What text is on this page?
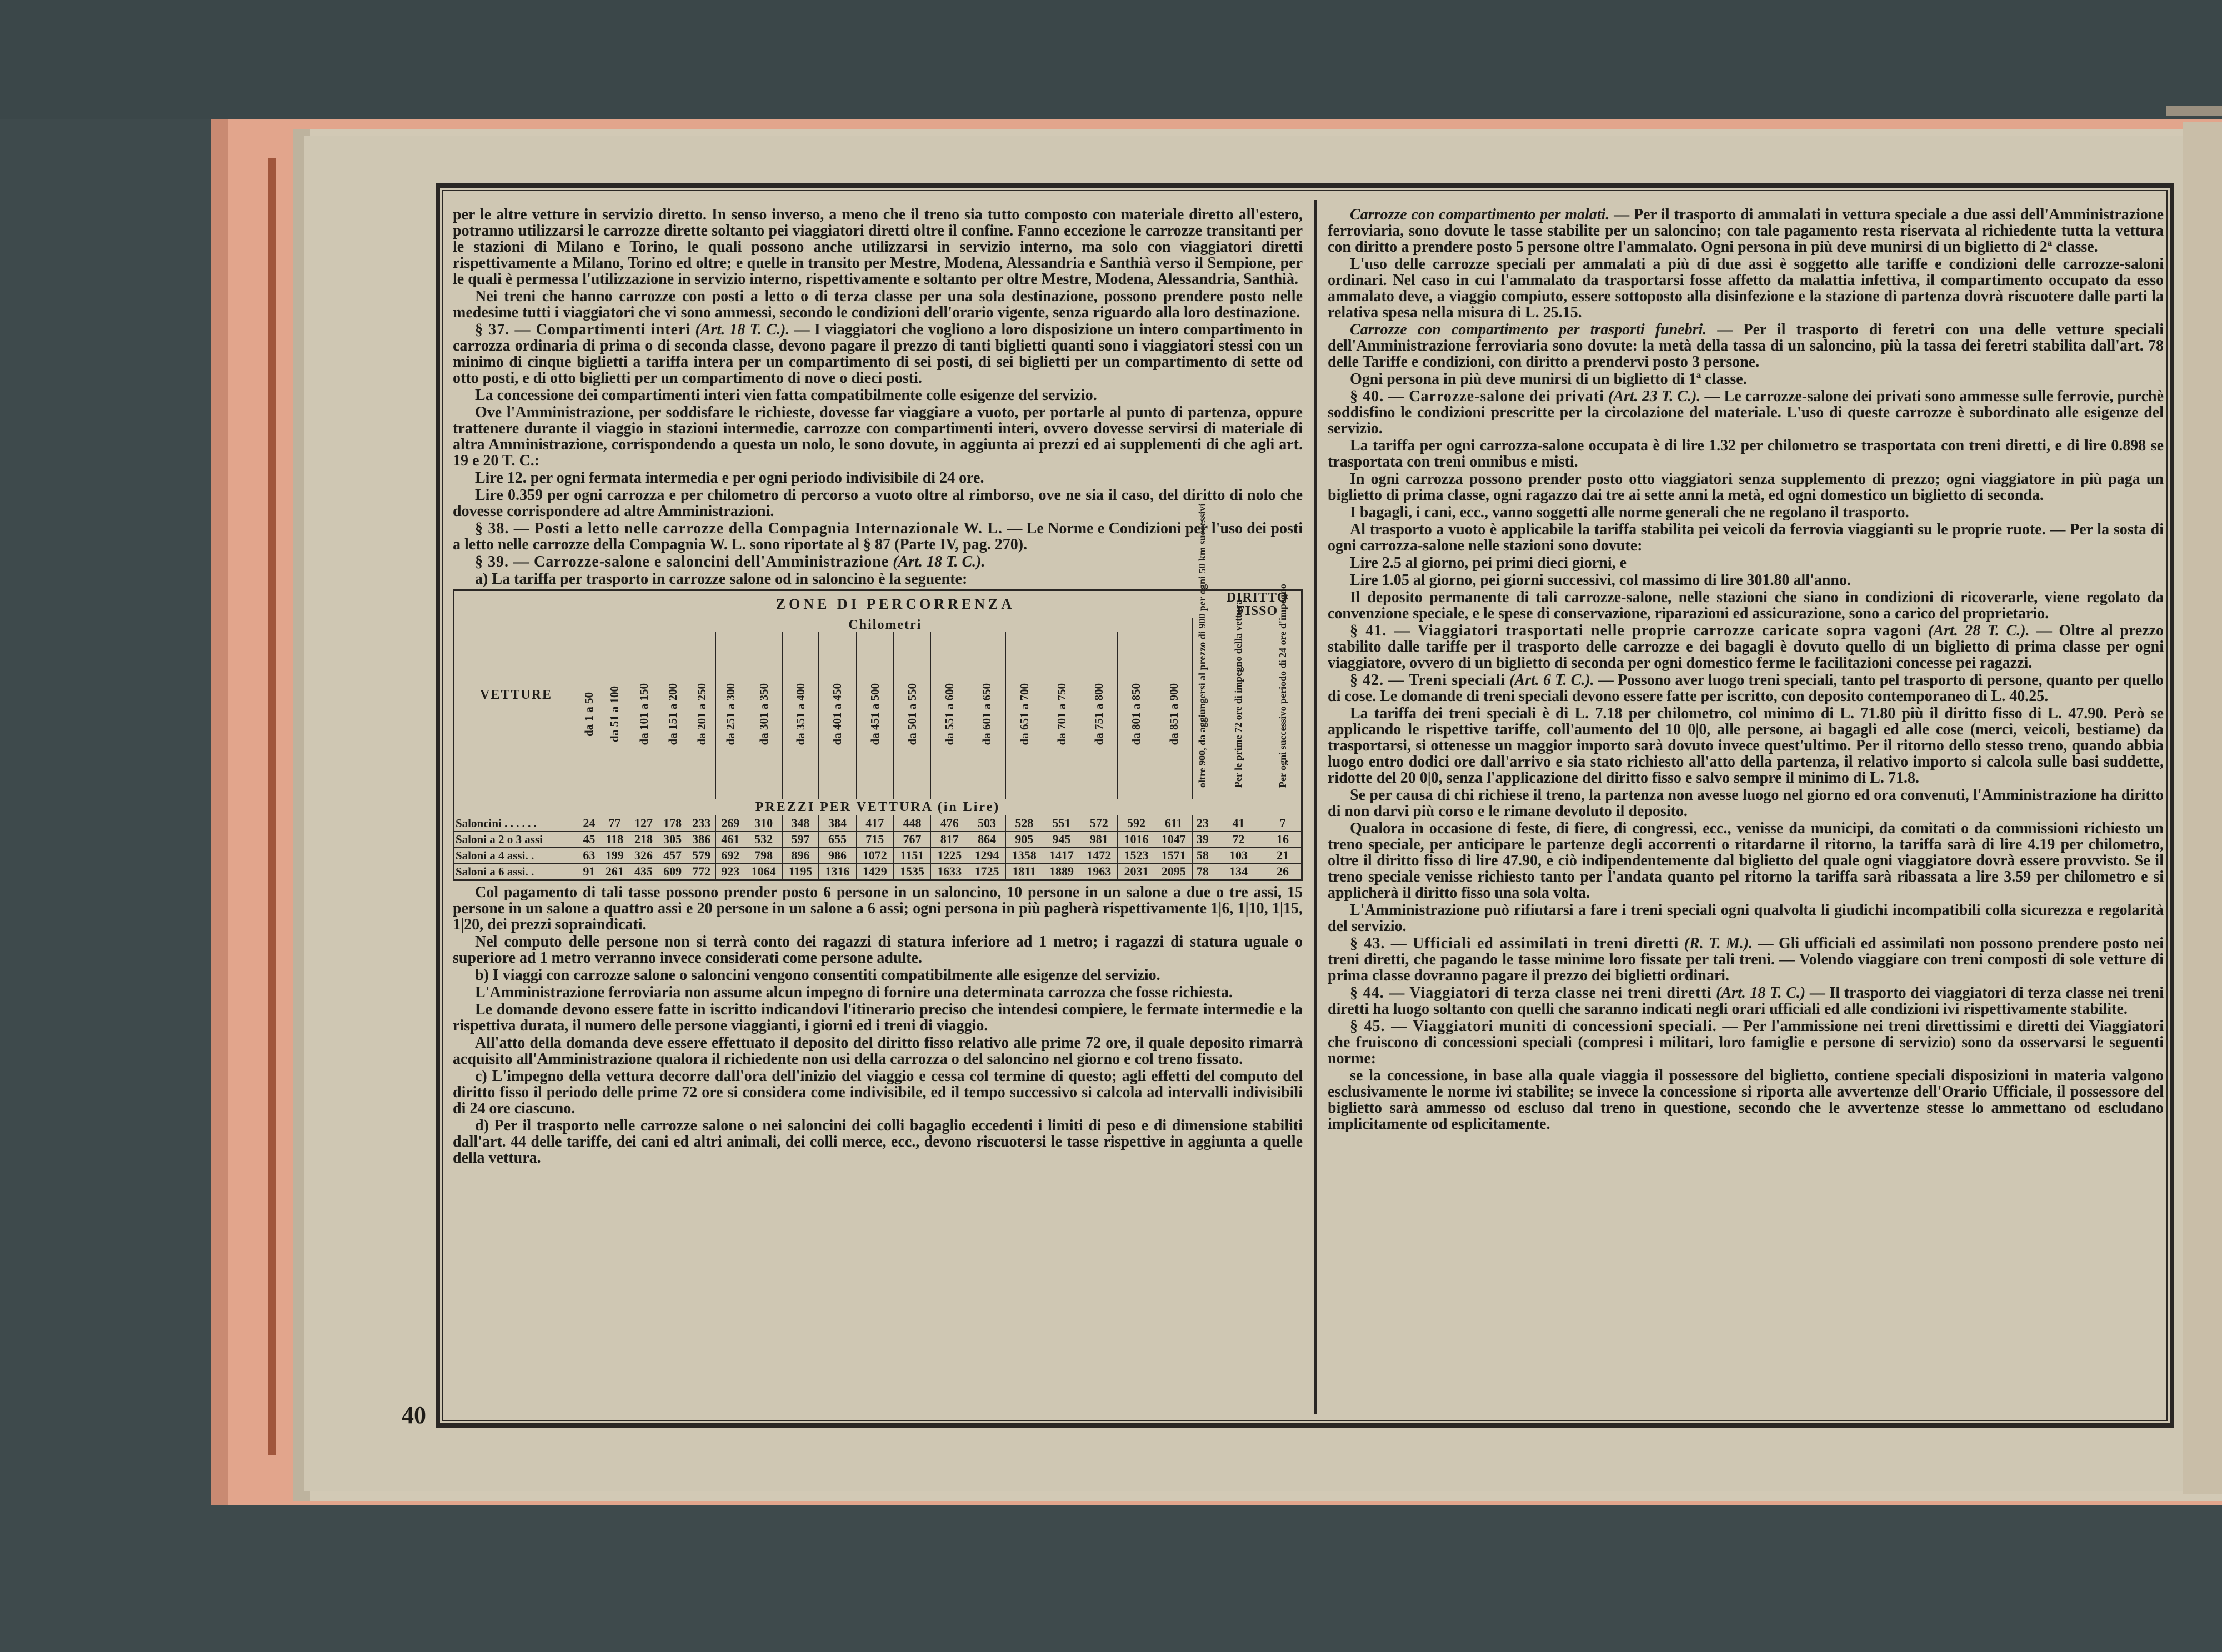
40

per le altre vetture in servizio diretto. In senso inverso, a meno che il treno sia tutto composto con materiale diretto all'estero, potranno utilizzarsi le carrozze dirette soltanto pei viaggiatori diretti oltre il confine. Fanno eccezione le carrozze transitanti per le stazioni di Milano e Torino, le quali possono anche utilizzarsi in servizio interno, ma solo con viaggiatori diretti rispettivamente a Milano, Torino ed oltre; e quelle in transito per Mestre, Modena, Alessandria e Santhià verso il Sempione, per le quali è permessa l'utilizzazione in servizio interno, rispettivamente e soltanto per oltre Mestre, Modena, Alessandria, Santhià.

Nei treni che hanno carrozze con posti a letto o di terza classe per una sola destinazione, possono prendere posto nelle medesime tutti i viaggiatori che vi sono ammessi, secondo le condizioni dell'orario vigente, senza riguardo alla loro destinazione.

§ 37. — Compartimenti interi (Art. 18 T. C.). — I viaggiatori che vogliono a loro disposizione un intero compartimento in carrozza ordinaria di prima o di seconda classe, devono pagare il prezzo di tanti biglietti quanti sono i viaggiatori stessi con un minimo di cinque biglietti a tariffa intera per un compartimento di sei posti, di sei biglietti per un compartimento di sette od otto posti, e di otto biglietti per un compartimento di nove o dieci posti.

La concessione dei compartimenti interi vien fatta compatibilmente colle esigenze del servizio.

Ove l'Amministrazione, per soddisfare le richieste, dovesse far viaggiare a vuoto, per portarle al punto di partenza, oppure trattenere durante il viaggio in stazioni intermedie, carrozze con compartimenti interi, ovvero dovesse servirsi di materiale di altra Amministrazione, corrispondendo a questa un nolo, le sono dovute, in aggiunta ai prezzi ed ai supplementi di che agli art. 19 e 20 T. C.:

Lire 12. per ogni fermata intermedia e per ogni periodo indivisibile di 24 ore.

Lire 0.359 per ogni carrozza e per chilometro di percorso a vuoto oltre al rimborso, ove ne sia il caso, del diritto di nolo che dovesse corrispondere ad altre Amministrazioni.

§ 38. — Posti a letto nelle carrozze della Compagnia Internazionale W. L. — Le Norme e Condizioni per l'uso dei posti a letto nelle carrozze della Compagnia W. L. sono riportate al § 87 (Parte IV, pag. 270).

§ 39. — Carrozze-salone e saloncini dell'Amministrazione (Art. 18 T. C.).

a) La tariffa per trasporto in carrozze salone od in saloncino è la seguente:

VETTURE	ZONE DI PERCORRENZA																			DIRITTO FISSO	
	Chilometri																		oltre 900, da aggiungersi al prezzo di 900 per ogni 50 km successivi	Per le prime 72 ore di impegno della vettura	Per ogni successivo periodo di 24 ore d'impegno
	da 1 a 50	da 51 a 100	da 101 a 150	da 151 a 200	da 201 a 250	da 251 a 300	da 301 a 350	da 351 a 400	da 401 a 450	da 451 a 500	da 501 a 550	da 551 a 600	da 601 a 650	da 651 a 700	da 701 a 750	da 751 a 800	da 801 a 850	da 851 a 900			
PREZZI PER VETTURA (in Lire)																					
Saloncini . . . . . .	24	77	127	178	233	269	310	348	384	417	448	476	503	528	551	572	592	611	23	41	7
Saloni a 2 o 3 assi	45	118	218	305	386	461	532	597	655	715	767	817	864	905	945	981	1016	1047	39	72	16
Saloni a 4 assi. .	63	199	326	457	579	692	798	896	986	1072	1151	1225	1294	1358	1417	1472	1523	1571	58	103	21
Saloni a 6 assi. .	91	261	435	609	772	923	1064	1195	1316	1429	1535	1633	1725	1811	1889	1963	2031	2095	78	134	26

Col pagamento di tali tasse possono prender posto 6 persone in un saloncino, 10 persone in un salone a due o tre assi, 15 persone in un salone a quattro assi e 20 persone in un salone a 6 assi; ogni persona in più pagherà rispettivamente 1|6, 1|10, 1|15, 1|20, dei prezzi sopraindicati.

Nel computo delle persone non si terrà conto dei ragazzi di statura inferiore ad 1 metro; i ragazzi di statura uguale o superiore ad 1 metro verranno invece considerati come persone adulte.

b) I viaggi con carrozze salone o saloncini vengono consentiti compatibilmente alle esigenze del servizio.

L'Amministrazione ferroviaria non assume alcun impegno di fornire una determinata carrozza che fosse richiesta.

Le domande devono essere fatte in iscritto indicandovi l'itinerario preciso che intendesi compiere, le fermate intermedie e la rispettiva durata, il numero delle persone viaggianti, i giorni ed i treni di viaggio.

All'atto della domanda deve essere effettuato il deposito del diritto fisso relativo alle prime 72 ore, il quale deposito rimarrà acquisito all'Amministrazione qualora il richiedente non usi della carrozza o del saloncino nel giorno e col treno fissato.

c) L'impegno della vettura decorre dall'ora dell'inizio del viaggio e cessa col termine di questo; agli effetti del computo del diritto fisso il periodo delle prime 72 ore si considera come indivisibile, ed il tempo successivo si calcola ad intervalli indivisibili di 24 ore ciascuno.

d) Per il trasporto nelle carrozze salone o nei saloncini dei colli bagaglio eccedenti i limiti di peso e di dimensione stabiliti dall'art. 44 delle tariffe, dei cani ed altri animali, dei colli merce, ecc., devono riscuotersi le tasse rispettive in aggiunta a quelle della vettura.

Carrozze con compartimento per malati. — Per il trasporto di ammalati in vettura speciale a due assi dell'Amministrazione ferroviaria, sono dovute le tasse stabilite per un saloncino; con tale pagamento resta riservata al richiedente tutta la vettura con diritto a prendere posto 5 persone oltre l'ammalato. Ogni persona in più deve munirsi di un biglietto di 2ª classe.

L'uso delle carrozze speciali per ammalati a più di due assi è soggetto alle tariffe e condizioni delle carrozze-saloni ordinari. Nel caso in cui l'ammalato da trasportarsi fosse affetto da malattia infettiva, il compartimento occupato da esso ammalato deve, a viaggio compiuto, essere sottoposto alla disinfezione e la stazione di partenza dovrà riscuotere dalle parti la relativa spesa nella misura di L. 25.15.

Carrozze con compartimento per trasporti funebri. — Per il trasporto di feretri con una delle vetture speciali dell'Amministrazione ferroviaria sono dovute: la metà della tassa di un saloncino, più la tassa dei feretri stabilita dall'art. 78 delle Tariffe e condizioni, con diritto a prendervi posto 3 persone.

Ogni persona in più deve munirsi di un biglietto di 1ª classe.

§ 40. — Carrozze-salone dei privati (Art. 23 T. C.). — Le carrozze-salone dei privati sono ammesse sulle ferrovie, purchè soddisfino le condizioni prescritte per la circolazione del materiale. L'uso di queste carrozze è subordinato alle esigenze del servizio.

La tariffa per ogni carrozza-salone occupata è di lire 1.32 per chilometro se trasportata con treni diretti, e di lire 0.898 se trasportata con treni omnibus e misti.

In ogni carrozza possono prender posto otto viaggiatori senza supplemento di prezzo; ogni viaggiatore in più paga un biglietto di prima classe, ogni ragazzo dai tre ai sette anni la metà, ed ogni domestico un biglietto di seconda.

I bagagli, i cani, ecc., vanno soggetti alle norme generali che ne regolano il trasporto.

Al trasporto a vuoto è applicabile la tariffa stabilita pei veicoli da ferrovia viaggianti su le proprie ruote. — Per la sosta di ogni carrozza-salone nelle stazioni sono dovute:

Lire 2.5 al giorno, pei primi dieci giorni, e

Lire 1.05 al giorno, pei giorni successivi, col massimo di lire 301.80 all'anno.

Il deposito permanente di tali carrozze-salone, nelle stazioni che siano in condizioni di ricoverarle, viene regolato da convenzione speciale, e le spese di conservazione, riparazioni ed assicurazione, sono a carico del proprietario.

§ 41. — Viaggiatori trasportati nelle proprie carrozze caricate sopra vagoni (Art. 28 T. C.). — Oltre al prezzo stabilito dalle tariffe per il trasporto delle carrozze e dei bagagli è dovuto quello di un biglietto di prima classe per ogni viaggiatore, ovvero di un biglietto di seconda per ogni domestico ferme le facilitazioni concesse pei ragazzi.

§ 42. — Treni speciali (Art. 6 T. C.). — Possono aver luogo treni speciali, tanto pel trasporto di persone, quanto per quello di cose. Le domande di treni speciali devono essere fatte per iscritto, con deposito contemporaneo di L. 40.25.

La tariffa dei treni speciali è di L. 7.18 per chilometro, col minimo di L. 71.80 più il diritto fisso di L. 47.90. Però se applicando le rispettive tariffe, coll'aumento del 10 0|0, alle persone, ai bagagli ed alle cose (merci, veicoli, bestiame) da trasportarsi, si ottenesse un maggior importo sarà dovuto invece quest'ultimo. Per il ritorno dello stesso treno, quando abbia luogo entro dodici ore dall'arrivo e sia stato richiesto all'atto della partenza, il relativo importo si calcola sulle basi suddette, ridotte del 20 0|0, senza l'applicazione del diritto fisso e salvo sempre il minimo di L. 71.8.

Se per causa di chi richiese il treno, la partenza non avesse luogo nel giorno ed ora convenuti, l'Amministrazione ha diritto di non darvi più corso e le rimane devoluto il deposito.

Qualora in occasione di feste, di fiere, di congressi, ecc., venisse da municipi, da comitati o da commissioni richiesto un treno speciale, per anticipare le partenze degli accorrenti o ritardarne il ritorno, la tariffa sarà di lire 4.19 per chilometro, oltre il diritto fisso di lire 47.90, e ciò indipendentemente dal biglietto del quale ogni viaggiatore dovrà essere provvisto. Se il treno speciale venisse richiesto tanto per l'andata quanto pel ritorno la tariffa sarà ribassata a lire 3.59 per chilometro e si applicherà il diritto fisso una sola volta.

L'Amministrazione può rifiutarsi a fare i treni speciali ogni qualvolta li giudichi incompatibili colla sicurezza e regolarità del servizio.

§ 43. — Ufficiali ed assimilati in treni diretti (R. T. M.). — Gli ufficiali ed assimilati non possono prendere posto nei treni diretti, che pagando le tasse minime loro fissate per tali treni. — Volendo viaggiare con treni composti di sole vetture di prima classe dovranno pagare il prezzo dei biglietti ordinari.

§ 44. — Viaggiatori di terza classe nei treni diretti (Art. 18 T. C.) — Il trasporto dei viaggiatori di terza classe nei treni diretti ha luogo soltanto con quelli che saranno indicati negli orari ufficiali ed alle condizioni ivi rispettivamente stabilite.

§ 45. — Viaggiatori muniti di concessioni speciali. — Per l'ammissione nei treni direttissimi e diretti dei Viaggiatori che fruiscono di concessioni speciali (compresi i militari, loro famiglie e persone di servizio) sono da osservarsi le seguenti norme:

se la concessione, in base alla quale viaggia il possessore del biglietto, contiene speciali disposizioni in materia valgono esclusivamente le norme ivi stabilite; se invece la concessione si riporta alle avvertenze dell'Orario Ufficiale, il possessore del biglietto sarà ammesso od escluso dal treno in questione, secondo che le avvertenze stesse lo ammettano od escludano implicitamente od esplicitamente.
